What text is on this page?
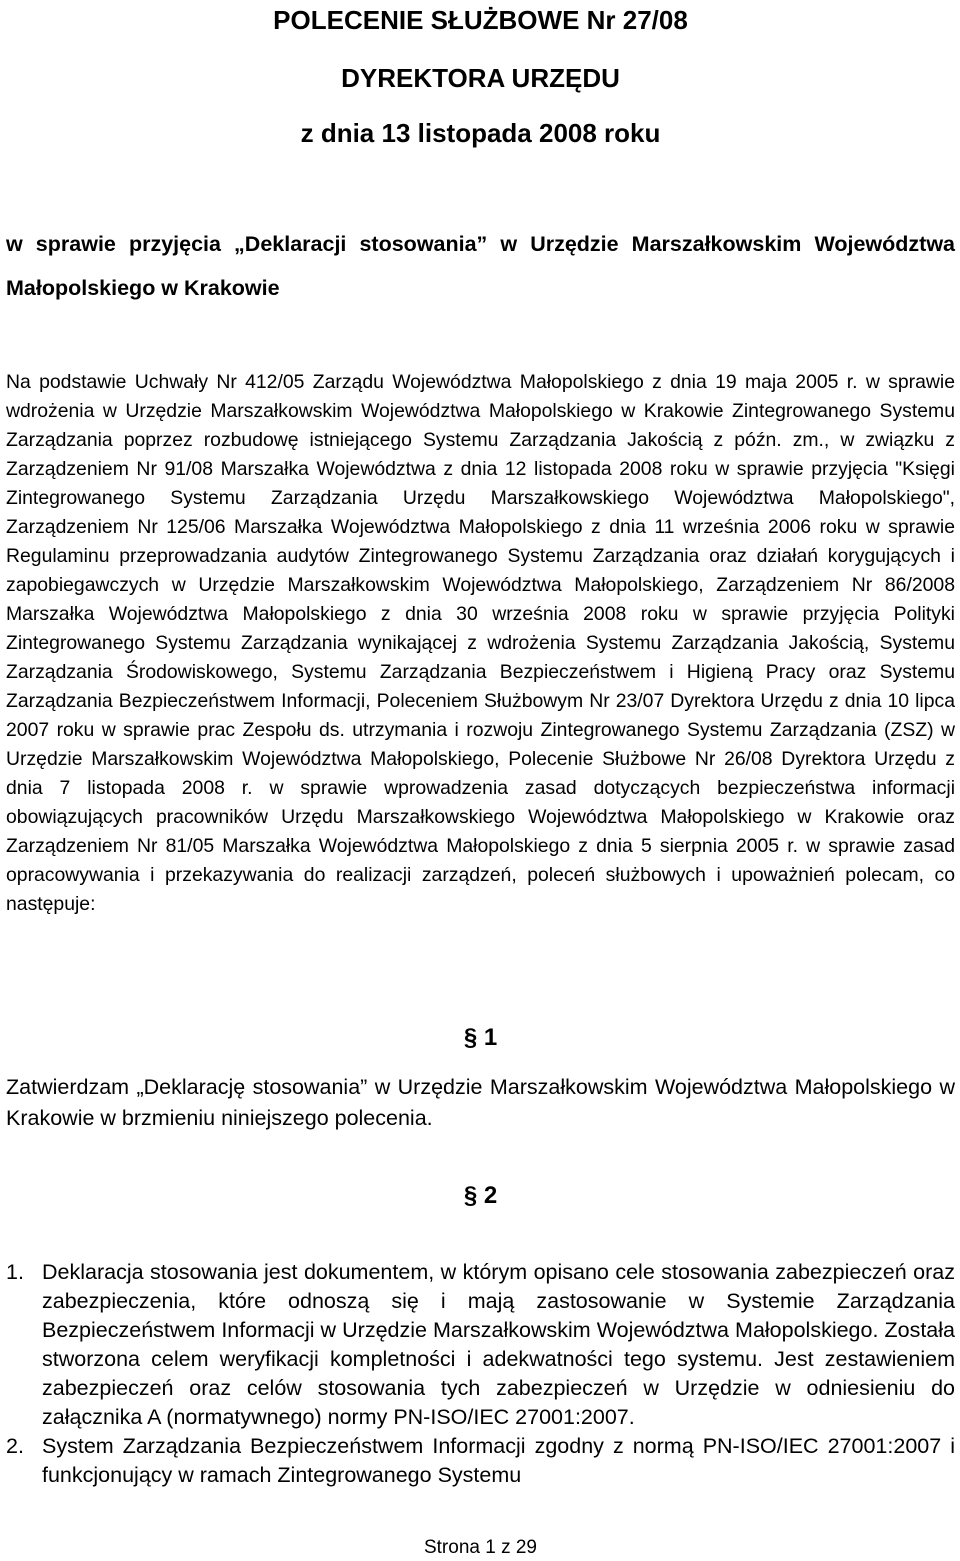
POLECENIE SŁUŻBOWE Nr 27/08
DYREKTORA URZĘDU
z dnia 13 listopada 2008 roku
w sprawie przyjęcia „Deklaracji stosowania” w Urzędzie Marszałkowskim Województwa Małopolskiego w Krakowie
Na podstawie Uchwały Nr 412/05 Zarządu Województwa Małopolskiego z dnia 19 maja 2005 r. w sprawie wdrożenia w Urzędzie Marszałkowskim Województwa Małopolskiego w Krakowie Zintegrowanego Systemu Zarządzania poprzez rozbudowę istniejącego Systemu Zarządzania Jakością z późn. zm., w związku z Zarządzeniem Nr 91/08 Marszałka Województwa z dnia 12 listopada 2008 roku w sprawie przyjęcia "Księgi Zintegrowanego Systemu Zarządzania Urzędu Marszałkowskiego Województwa Małopolskiego", Zarządzeniem Nr 125/06 Marszałka Województwa Małopolskiego z dnia 11 września 2006 roku w sprawie Regulaminu przeprowadzania audytów Zintegrowanego Systemu Zarządzania oraz działań korygujących i zapobiegawczych w Urzędzie Marszałkowskim Województwa Małopolskiego, Zarządzeniem Nr 86/2008 Marszałka Województwa Małopolskiego z dnia 30 września 2008 roku w sprawie przyjęcia Polityki Zintegrowanego Systemu Zarządzania wynikającej z wdrożenia Systemu Zarządzania Jakością, Systemu Zarządzania Środowiskowego, Systemu Zarządzania Bezpieczeństwem i Higieną Pracy oraz Systemu Zarządzania Bezpieczeństwem Informacji, Poleceniem Służbowym Nr 23/07 Dyrektora Urzędu z dnia 10 lipca 2007 roku w sprawie prac Zespołu ds. utrzymania i rozwoju Zintegrowanego Systemu Zarządzania (ZSZ) w Urzędzie Marszałkowskim Województwa Małopolskiego, Polecenie Służbowe Nr 26/08 Dyrektora Urzędu z dnia 7 listopada 2008 r. w sprawie wprowadzenia zasad dotyczących bezpieczeństwa informacji obowiązujących pracowników Urzędu Marszałkowskiego Województwa Małopolskiego w Krakowie oraz Zarządzeniem Nr 81/05 Marszałka Województwa Małopolskiego z dnia 5 sierpnia 2005 r. w sprawie zasad opracowywania i przekazywania do realizacji zarządzeń, poleceń służbowych i upoważnień polecam, co następuje:
§ 1
Zatwierdzam „Deklarację stosowania” w Urzędzie Marszałkowskim Województwa Małopolskiego w Krakowie w brzmieniu niniejszego polecenia.
§ 2
1. Deklaracja stosowania jest dokumentem, w którym opisano cele stosowania zabezpieczeń oraz zabezpieczenia, które odnoszą się i mają zastosowanie w Systemie Zarządzania Bezpieczeństwem Informacji w Urzędzie Marszałkowskim Województwa Małopolskiego. Została stworzona celem weryfikacji kompletności i adekwatności tego systemu. Jest zestawieniem zabezpieczeń oraz celów stosowania tych zabezpieczeń w Urzędzie w odniesieniu do załącznika A (normatywnego) normy PN-ISO/IEC 27001:2007.
2. System Zarządzania Bezpieczeństwem Informacji zgodny z normą PN-ISO/IEC 27001:2007 i funkcjonujący w ramach Zintegrowanego Systemu
Strona 1 z 29
